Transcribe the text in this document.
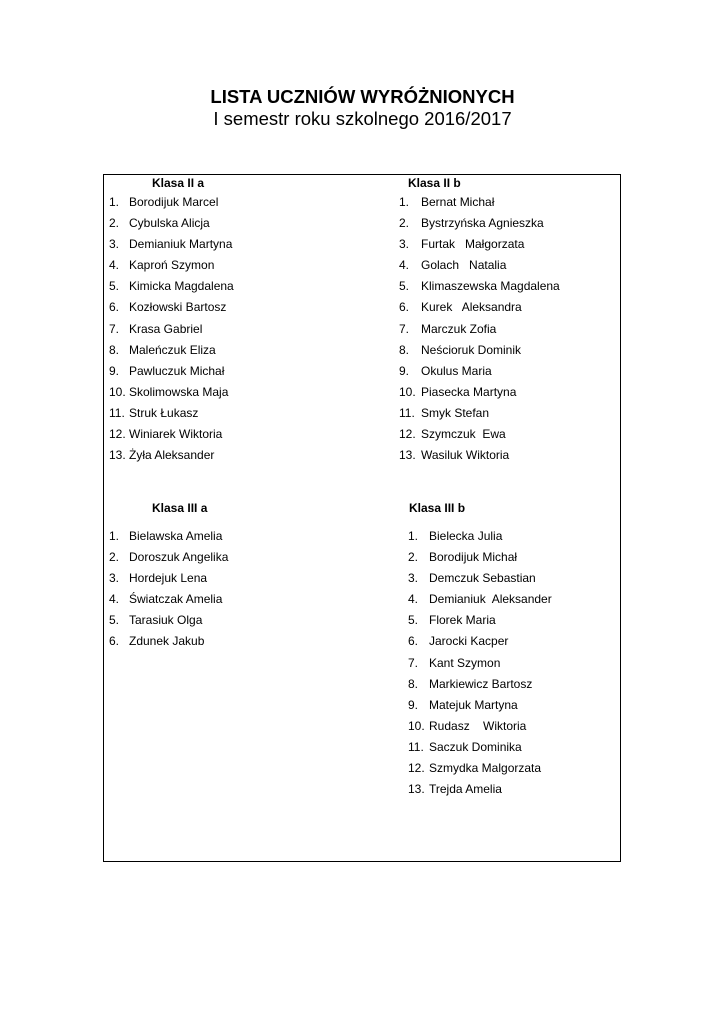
LISTA UCZNIÓW WYRÓŻNIONYCH
I semestr roku szkolnego 2016/2017
Klasa II a
1. Borodijuk Marcel
2. Cybulska Alicja
3. Demianiuk Martyna
4. Kaproń Szymon
5. Kimicka Magdalena
6. Kozłowski Bartosz
7. Krasa Gabriel
8. Maleńczuk Eliza
9. Pawluczuk Michał
10. Skolimowska Maja
11. Struk Łukasz
12. Winiarek Wiktoria
13. Żyła Aleksander
Klasa II b
1. Bernat Michał
2. Bystrzyńska Agnieszka
3. Furtak   Małgorzata
4. Golach   Natalia
5. Klimaszewska Magdalena
6. Kurek   Aleksandra
7. Marczuk Zofia
8. Neścioruk Dominik
9. Okulus Maria
10. Piasecka Martyna
11. Smyk Stefan
12. Szymczuk  Ewa
13. Wasiluk Wiktoria
Klasa III a
1. Bielawska Amelia
2. Doroszuk Angelika
3. Hordejuk Lena
4. Światczak Amelia
5. Tarasiuk Olga
6. Zdunek Jakub
Klasa III b
1. Bielecka Julia
2. Borodijuk Michał
3. Demczuk Sebastian
4. Demianiuk  Aleksander
5. Florek Maria
6. Jarocki Kacper
7. Kant Szymon
8. Markiewicz Bartosz
9. Matejuk Martyna
10. Rudasz    Wiktoria
11. Saczuk Dominika
12. Szmydka Malgorzata
13. Trejda Amelia
